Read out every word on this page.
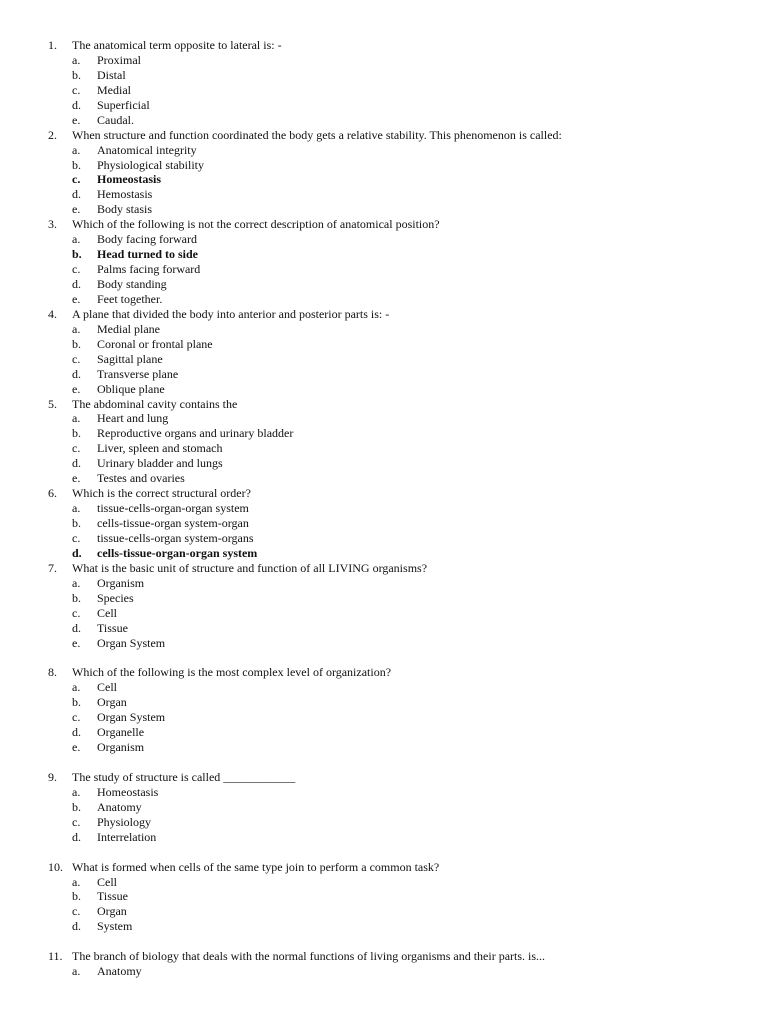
1. The anatomical term opposite to lateral is: -
a. Proximal
b. Distal
c. Medial
d. Superficial
e. Caudal.
2. When structure and function coordinated the body gets a relative stability. This phenomenon is called:
a. Anatomical integrity
b. Physiological stability
c. Homeostasis
d. Hemostasis
e. Body stasis
3. Which of the following is not the correct description of anatomical position?
a. Body facing forward
b. Head turned to side
c. Palms facing forward
d. Body standing
e. Feet together.
4. A plane that divided the body into anterior and posterior parts is: -
a. Medial plane
b. Coronal or frontal plane
c. Sagittal plane
d. Transverse plane
e. Oblique plane
5. The abdominal cavity contains the
a. Heart and lung
b. Reproductive organs and urinary bladder
c. Liver, spleen and stomach
d. Urinary bladder and lungs
e. Testes and ovaries
6. Which is the correct structural order?
a. tissue-cells-organ-organ system
b. cells-tissue-organ system-organ
c. tissue-cells-organ system-organs
d. cells-tissue-organ-organ system
7. What is the basic unit of structure and function of all LIVING organisms?
a. Organism
b. Species
c. Cell
d. Tissue
e. Organ System
8. Which of the following is the most complex level of organization?
a. Cell
b. Organ
c. Organ System
d. Organelle
e. Organism
9. The study of structure is called ____________
a. Homeostasis
b. Anatomy
c. Physiology
d. Interrelation
10. What is formed when cells of the same type join to perform a common task?
a. Cell
b. Tissue
c. Organ
d. System
11. The branch of biology that deals with the normal functions of living organisms and their parts. is...
a. Anatomy
